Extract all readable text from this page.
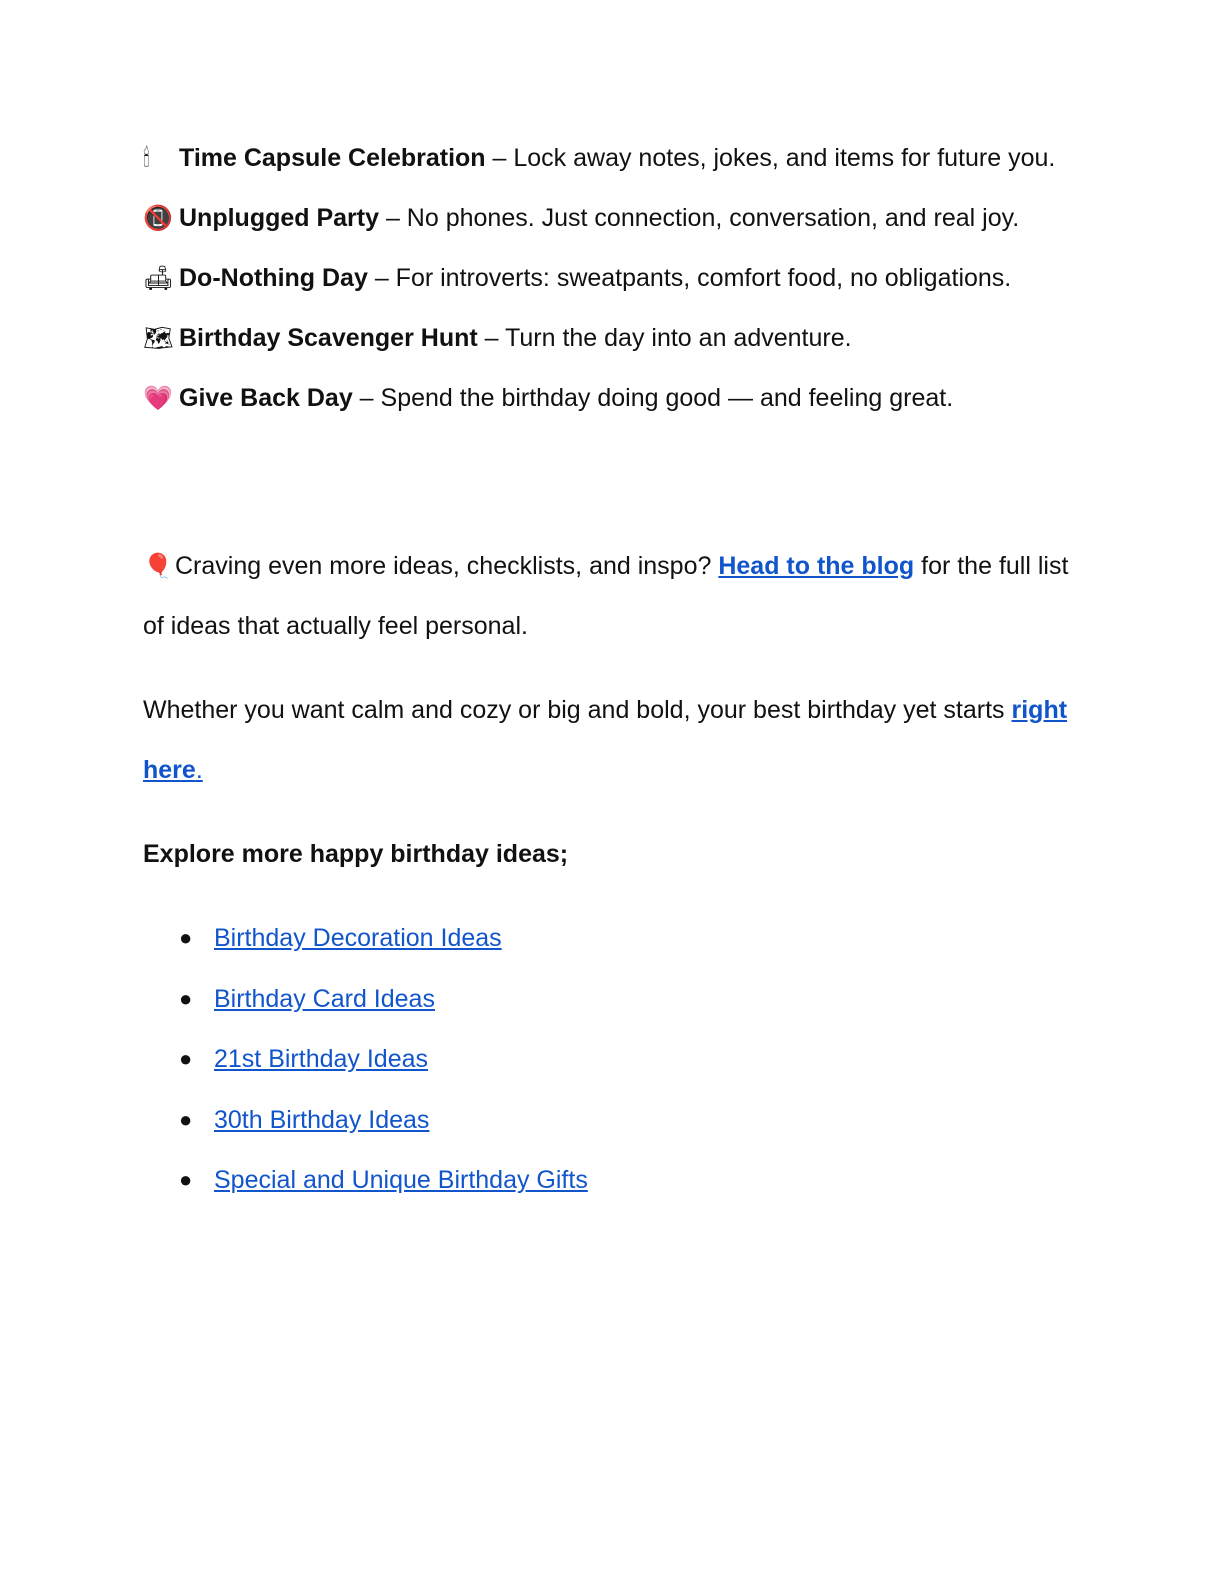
🕯 Time Capsule Celebration – Lock away notes, jokes, and items for future you.

📵 Unplugged Party – No phones. Just connection, conversation, and real joy.

🛋 Do-Nothing Day – For introverts: sweatpants, comfort food, no obligations.

🗺 Birthday Scavenger Hunt – Turn the day into an adventure.

💗 Give Back Day – Spend the birthday doing good — and feeling great.

🎈Craving even more ideas, checklists, and inspo? Head to the blog for the full list of ideas that actually feel personal.

Whether you want calm and cozy or big and bold, your best birthday yet starts right here.

Explore more happy birthday ideas;

● Birthday Decoration Ideas
● Birthday Card Ideas
● 21st Birthday Ideas
● 30th Birthday Ideas
● Special and Unique Birthday Gifts
